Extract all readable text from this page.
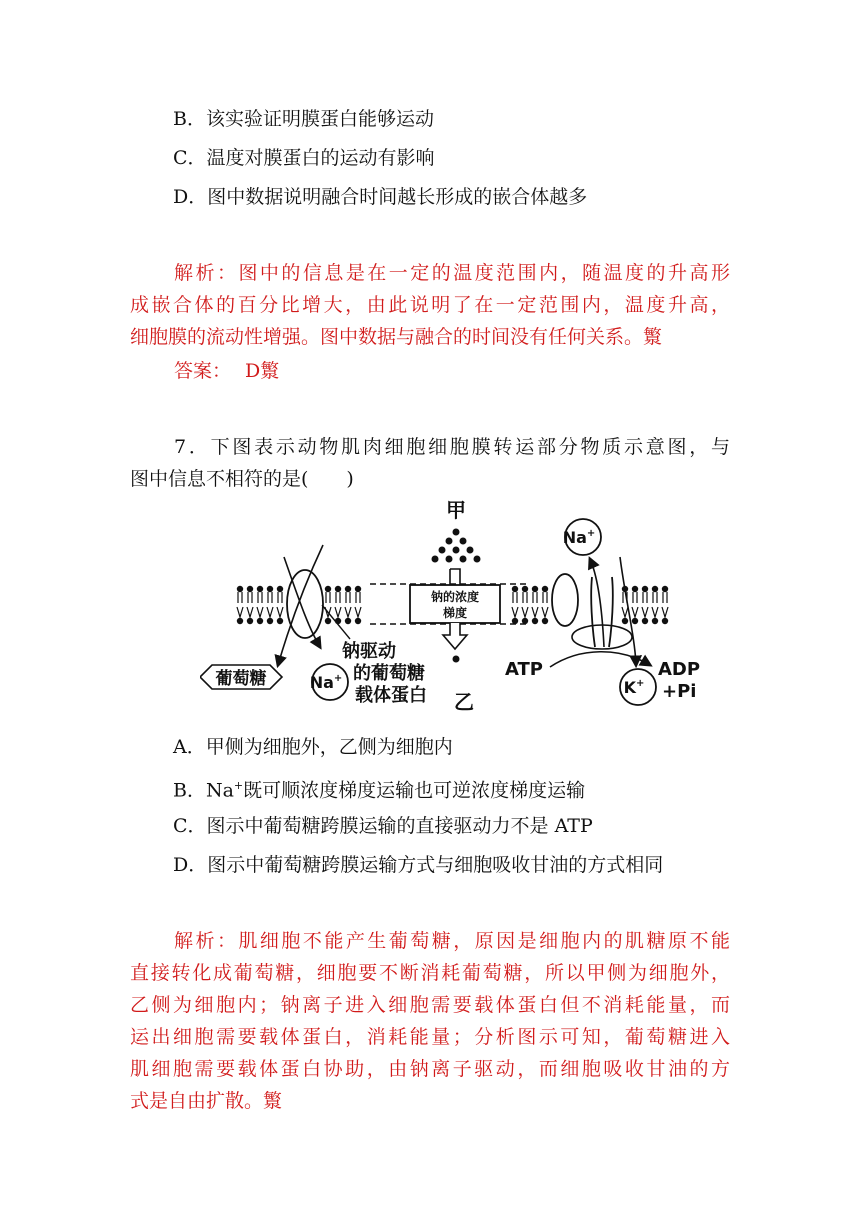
B．该实验证明膜蛋白能够运动
C．温度对膜蛋白的运动有影响
D．图中数据说明融合时间越长形成的嵌合体越多
解析：图中的信息是在一定的温度范围内，随温度的升高形
成嵌合体的百分比增大，由此说明了在一定范围内，温度升高，
细胞膜的流动性增强。图中数据与融合的时间没有任何关系。瀪
答案： D瀪
7．下图表示动物肌肉细胞细胞膜转运部分物质示意图，与
图中信息不相符的是(　　)
甲
钠的浓度
梯度
葡萄糖	Na+
钠驱动
的葡萄糖
载体蛋白 乙
Na+
ATP	ADP
+Pi
K+
A．甲侧为细胞外，乙侧为细胞内
B．Na+既可顺浓度梯度运输也可逆浓度梯度运输
C．图示中葡萄糖跨膜运输的直接驱动力不是 ATP
D．图示中葡萄糖跨膜运输方式与细胞吸收甘油的方式相同
解析：肌细胞不能产生葡萄糖，原因是细胞内的肌糖原不能
直接转化成葡萄糖，细胞要不断消耗葡萄糖，所以甲侧为细胞外，
乙侧为细胞内；钠离子进入细胞需要载体蛋白但不消耗能量，而
运出细胞需要载体蛋白，消耗能量；分析图示可知，葡萄糖进入
肌细胞需要载体蛋白协助，由钠离子驱动，而细胞吸收甘油的方
式是自由扩散。瀪
